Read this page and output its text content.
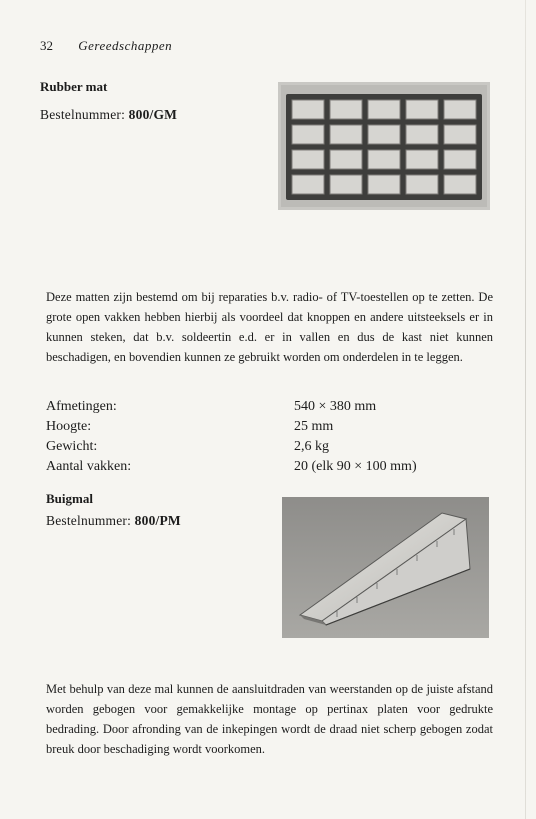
32 Gereedschappen
Rubber mat
Bestelnummer: 800/GM

Deze matten zijn bestemd om bij reparaties b.v. radio- of TV-toestellen op te zetten. De grote open vakken hebben hierbij als voordeel dat knoppen en andere uitsteeksels er in kunnen steken, dat b.v. soldeertin e.d. er in vallen en dus de kast niet kunnen beschadigen, en bovendien kunnen ze gebruikt worden om onderdelen in te leggen.

Afmetingen:	540 × 380 mm
Hoogte:	25 mm
Gewicht:	2,6 kg
Aantal vakken:	20 (elk 90 × 100 mm)
Buigmal
Bestelnummer: 800/PM

Met behulp van deze mal kunnen de aansluitdraden van weerstanden op de juiste afstand worden gebogen voor gemakkelijke montage op pertinax platen voor gedrukte bedrading. Door afronding van de inkepingen wordt de draad niet scherp gebogen zodat breuk door beschadiging wordt voorkomen.
